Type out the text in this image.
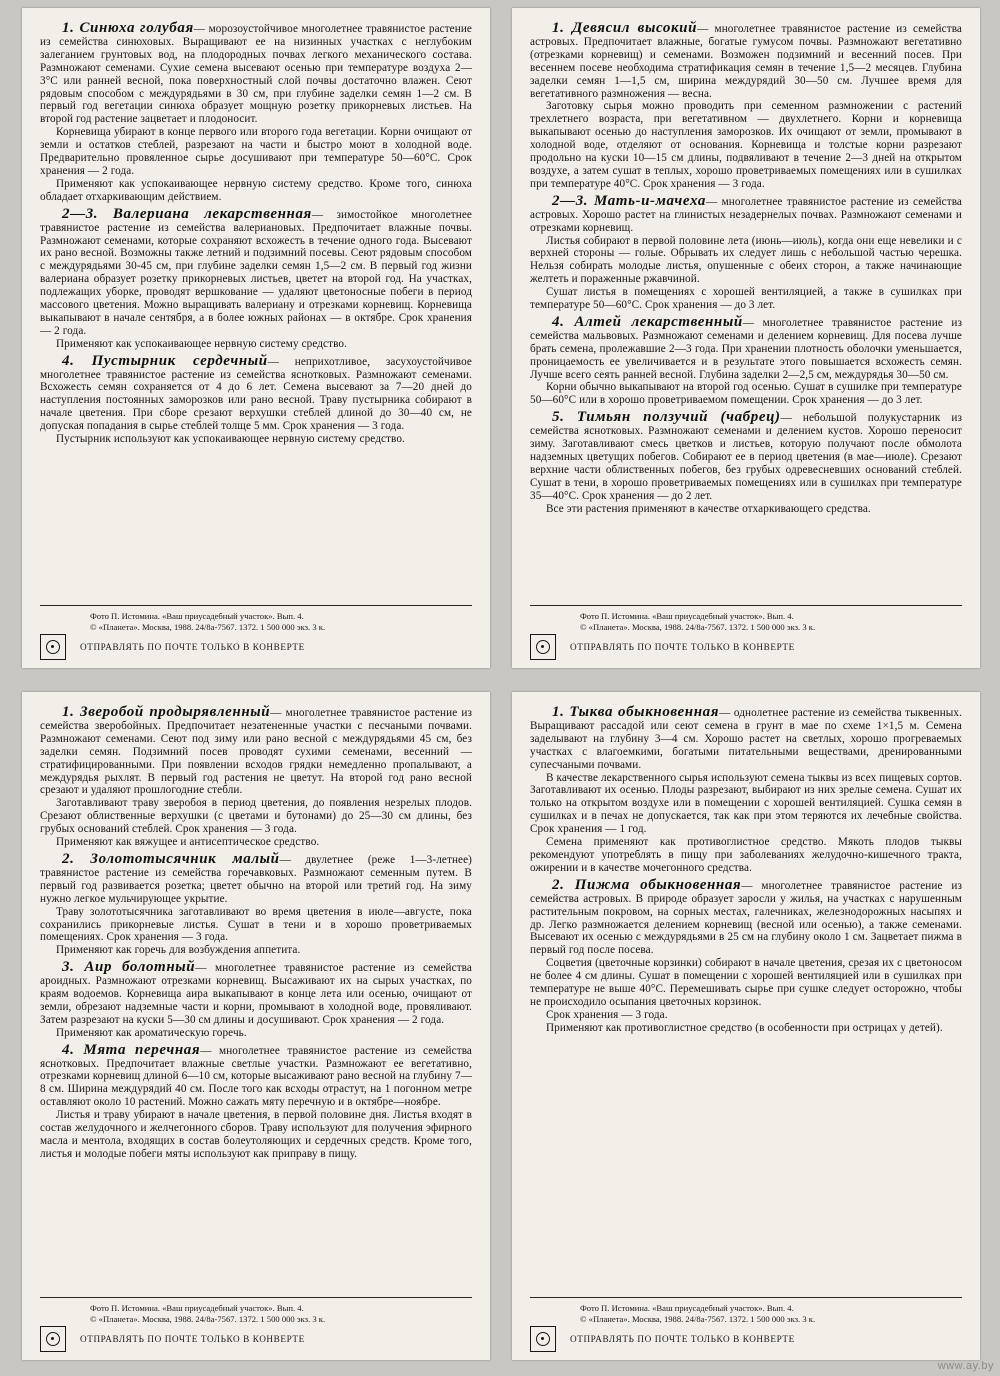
1. Синюха голубая— морозоустойчивое многолетнее травянистое растение из семейства синюховых. Выращивают ее на низинных участках с неглубоким залеганием грунтовых вод, на плодородных почвах легкого механического состава. Размножают семенами. Сухие семена высевают осенью при температуре воздуха 2—3°С или ранней весной, пока поверхностный слой почвы достаточно влажен. Сеют рядовым способом с междурядьями в 30 см, при глубине заделки семян 1—2 см. В первый год вегетации синюха образует мощную розетку прикорневых листьев. На второй год растение зацветает и плодоносит.

Корневища убирают в конце первого или второго года вегетации. Корни очищают от земли и остатков стеблей, разрезают на части и быстро моют в холодной воде. Предварительно провяленное сырье досушивают при температуре 50—60°С. Срок хранения — 2 года.

Применяют как успокаивающее нервную систему средство. Кроме того, синюха обладает отхаркивающим действием.

2—3. Валериана лекарственная— зимостойкое многолетнее травянистое растение из семейства валериановых. Предпочитает влажные почвы. Размножают семенами, которые сохраняют всхожесть в течение одного года. Высевают их рано весной. Возможны также летний и подзимний посевы. Сеют рядовым способом с междурядьями 30-45 см, при глубине заделки семян 1,5—2 см. В первый год жизни валериана образует розетку прикорневых листьев, цветет на второй год. На участках, подлежащих уборке, проводят вершкование — удаляют цветоносные побеги в период массового цветения. Можно выращивать валериану и отрезками корневищ. Корневища выкапывают в начале сентября, а в более южных районах — в октябре. Срок хранения — 2 года.

Применяют как успокаивающее нервную систему средство.

4. Пустырник сердечный— неприхотливое, засухоустойчивое многолетнее травянистое растение из семейства яснотковых. Размножают семенами. Всхожесть семян сохраняется от 4 до 6 лет. Семена высевают за 7—20 дней до наступления постоянных заморозков или рано весной. Траву пустырника собирают в начале цветения. При сборе срезают верхушки стеблей длиной до 30—40 см, не допуская попадания в сырье стеблей толще 5 мм. Срок хранения — 3 года.

Пустырник используют как успокаивающее нервную систему средство.

Фото П. Истомина. «Ваш приусадебный участок». Вып. 4.
© «Планета». Москва, 1988. 24/8а-7567. 1372. 1 500 000 экз. 3 к.
ОТПРАВЛЯТЬ ПО ПОЧТЕ ТОЛЬКО В КОНВЕРТЕ

1. Девясил высокий— многолетнее травянистое растение из семейства астровых. Предпочитает влажные, богатые гумусом почвы. Размножают вегетативно (отрезками корневищ) и семенами. Возможен подзимний и весенний посев. При весеннем посеве необходима стратификация семян в течение 1,5—2 месяцев. Глубина заделки семян 1—1,5 см, ширина междурядий 30—50 см. Лучшее время для вегетативного размножения — весна.

Заготовку сырья можно проводить при семенном размножении с растений трехлетнего возраста, при вегетативном — двухлетнего. Корни и корневища выкапывают осенью до наступления заморозков. Их очищают от земли, промывают в холодной воде, отделяют от основания. Корневища и толстые корни разрезают продольно на куски 10—15 см длины, подвяливают в течение 2—3 дней на открытом воздухе, а затем сушат в теплых, хорошо проветриваемых помещениях или в сушилках при температуре 40°С. Срок хранения — 3 года.

2—3. Мать-и-мачеха— многолетнее травянистое растение из семейства астровых. Хорошо растет на глинистых незадернелых почвах. Размножают семенами и отрезками корневищ.

Листья собирают в первой половине лета (июнь—июль), когда они еще невелики и с верхней стороны — голые. Обрывать их следует лишь с небольшой частью черешка. Нельзя собирать молодые листья, опушенные с обеих сторон, а также начинающие желтеть и пораженные ржавчиной.

Сушат листья в помещениях с хорошей вентиляцией, а также в сушилках при температуре 50—60°С. Срок хранения — до 3 лет.

4. Алтей лекарственный— многолетнее травянистое растение из семейства мальвовых. Размножают семенами и делением корневищ. Для посева лучше брать семена, пролежавшие 2—3 года. При хранении плотность оболочки уменьшается, проницаемость ее увеличивается и в результате этого повышается всхожесть семян. Лучше всего сеять ранней весной. Глубина заделки 2—2,5 см, междурядья 30—50 см.

Корни обычно выкапывают на второй год осенью. Сушат в сушилке при температуре 50—60°С или в хорошо проветриваемом помещении. Срок хранения — до 3 лет.

5. Тимьян ползучий (чабрец)— небольшой полукустарник из семейства яснотковых. Размножают семенами и делением кустов. Хорошо переносит зиму. Заготавливают смесь цветков и листьев, которую получают после обмолота надземных цветущих побегов. Собирают ее в период цветения (в мае—июле). Срезают верхние части облиственных побегов, без грубых одревесневших оснований стеблей. Сушат в тени, в хорошо проветриваемых помещениях или в сушилках при температуре 35—40°С. Срок хранения — до 2 лет.

Все эти растения применяют в качестве отхаркивающего средства.

Фото П. Истомина. «Ваш приусадебный участок». Вып. 4.
© «Планета». Москва, 1988. 24/8а-7567. 1372. 1 500 000 экз. 3 к.
ОТПРАВЛЯТЬ ПО ПОЧТЕ ТОЛЬКО В КОНВЕРТЕ

1. Зверобой продырявленный— многолетнее травянистое растение из семейства зверобойных. Предпочитает незатененные участки с песчаными почвами. Размножают семенами. Сеют под зиму или рано весной с междурядьями 45 см, без заделки семян. Подзимний посев проводят сухими семенами, весенний — стратифицированными. При появлении всходов грядки немедленно пропалывают, а междурядья рыхлят. В первый год растения не цветут. На второй год рано весной срезают и удаляют прошлогодние стебли.

Заготавливают траву зверобоя в период цветения, до появления незрелых плодов. Срезают облиственные верхушки (с цветами и бутонами) до 25—30 см длины, без грубых оснований стеблей. Срок хранения — 3 года.

Применяют как вяжущее и антисептическое средство.

2. Золототысячник малый— двулетнее (реже 1—3-летнее) травянистое растение из семейства горечавковых. Размножают семенным путем. В первый год развивается розетка; цветет обычно на второй или третий год. На зиму нужно легкое мульчирующее укрытие.

Траву золототысячника заготавливают во время цветения в июле—августе, пока сохранились прикорневые листья. Сушат в тени и в хорошо проветриваемых помещениях. Срок хранения — 3 года.

Применяют как горечь для возбуждения аппетита.

3. Аир болотный— многолетнее травянистое растение из семейства ароидных. Размножают отрезками корневищ. Высаживают их на сырых участках, по краям водоемов. Корневища аира выкапывают в конце лета или осенью, очищают от земли, обрезают надземные части и корни, промывают в холодной воде, провяливают. Затем разрезают на куски 5—30 см длины и досушивают. Срок хранения — 2 года.

Применяют как ароматическую горечь.

4. Мята перечная— многолетнее травянистое растение из семейства яснотковых. Предпочитает влажные светлые участки. Размножают ее вегетативно, отрезками корневищ длиной 6—10 см, которые высаживают рано весной на глубину 7—8 см. Ширина междурядий 40 см. После того как всходы отрастут, на 1 погонном метре оставляют около 10 растений. Можно сажать мяту перечную и в октябре—ноябре.

Листья и траву убирают в начале цветения, в первой половине дня. Листья входят в состав желудочного и желчегонного сборов. Траву используют для получения эфирного масла и ментола, входящих в состав болеутоляющих и сердечных средств. Кроме того, листья и молодые побеги мяты используют как приправу в пищу.

Фото П. Истомина. «Ваш приусадебный участок». Вып. 4.
© «Планета». Москва, 1988. 24/8а-7567. 1372. 1 500 000 экз. 3 к.
ОТПРАВЛЯТЬ ПО ПОЧТЕ ТОЛЬКО В КОНВЕРТЕ

1. Тыква обыкновенная— однолетнее растение из семейства тыквенных. Выращивают рассадой или сеют семена в грунт в мае по схеме 1×1,5 м. Семена заделывают на глубину 3—4 см. Хорошо растет на светлых, хорошо прогреваемых участках с влагоемкими, богатыми питательными веществами, дренированными супесчаными почвами.

В качестве лекарственного сырья используют семена тыквы из всех пищевых сортов. Заготавливают их осенью. Плоды разрезают, выбирают из них зрелые семена. Сушат их только на открытом воздухе или в помещении с хорошей вентиляцией. Сушка семян в сушилках и в печах не допускается, так как при этом теряются их лечебные свойства. Срок хранения — 1 год.

Семена применяют как противоглистное средство. Мякоть плодов тыквы рекомендуют употреблять в пищу при заболеваниях желудочно-кишечного тракта, ожирении и в качестве мочегонного средства.

2. Пижма обыкновенная— многолетнее травянистое растение из семейства астровых. В природе образует заросли у жилья, на участках с нарушенным растительным покровом, на сорных местах, галечниках, железнодорожных насыпях и др. Легко размножается делением корневищ (весной или осенью), а также семенами. Высевают их осенью с междурядьями в 25 см на глубину около 1 см. Зацветает пижма в первый год после посева.

Соцветия (цветочные корзинки) собирают в начале цветения, срезая их с цветоносом не более 4 см длины. Сушат в помещении с хорошей вентиляцией или в сушилках при температуре не выше 40°С. Перемешивать сырье при сушке следует осторожно, чтобы не происходило осыпания цветочных корзинок.

Срок хранения — 3 года.

Применяют как противоглистное средство (в особенности при острицах у детей).

Фото П. Истомина. «Ваш приусадебный участок». Вып. 4.
© «Планета». Москва, 1988. 24/8а-7567. 1372. 1 500 000 экз. 3 к.
ОТПРАВЛЯТЬ ПО ПОЧТЕ ТОЛЬКО В КОНВЕРТЕ
www.ay.by
